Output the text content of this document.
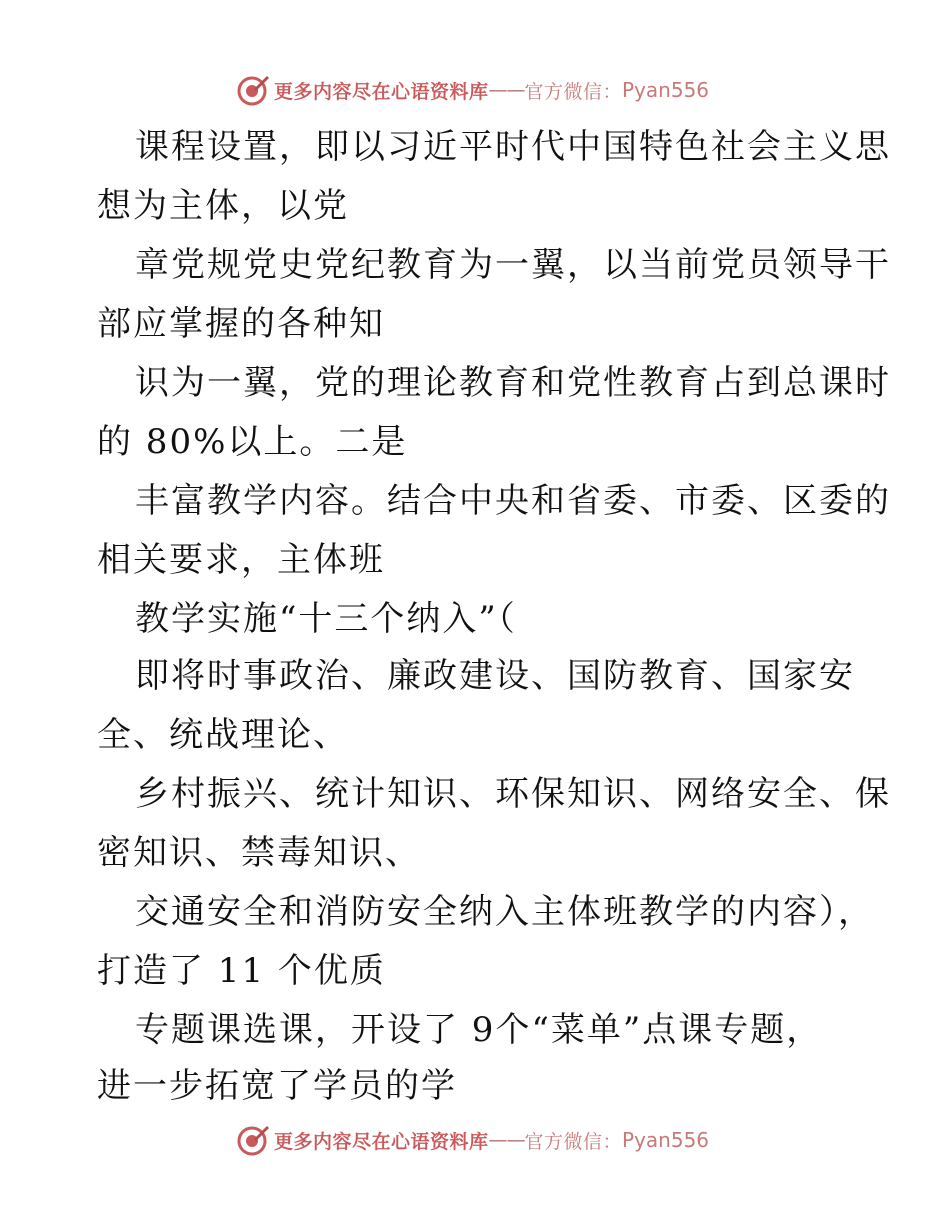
更多内容尽在心语资料库 —— 官方微信： Pyan556
课程设置，即以习近平时代中国特色社会主义思
想为主体，以党
章党规党史党纪教育为一翼，以当前党员领导干
部应掌握的各种知
识为一翼，党的理论教育和党性教育占到总课时
的 80%以上。二是
丰富教学内容。结合中央和省委、市委、区委的
相关要求，主体班
教学实施“十三个纳入”（
即将时事政治、廉政建设、国防教育、国家安
全、统战理论、
乡村振兴、统计知识、环保知识、网络安全、保
密知识、禁毒知识、
交通安全和消防安全纳入主体班教学的内容），
打造了 11 个优质
专题课选课，开设了 9个“菜单”点课专题，
进一步拓宽了学员的学
更多内容尽在心语资料库 —— 官方微信： Pyan556
